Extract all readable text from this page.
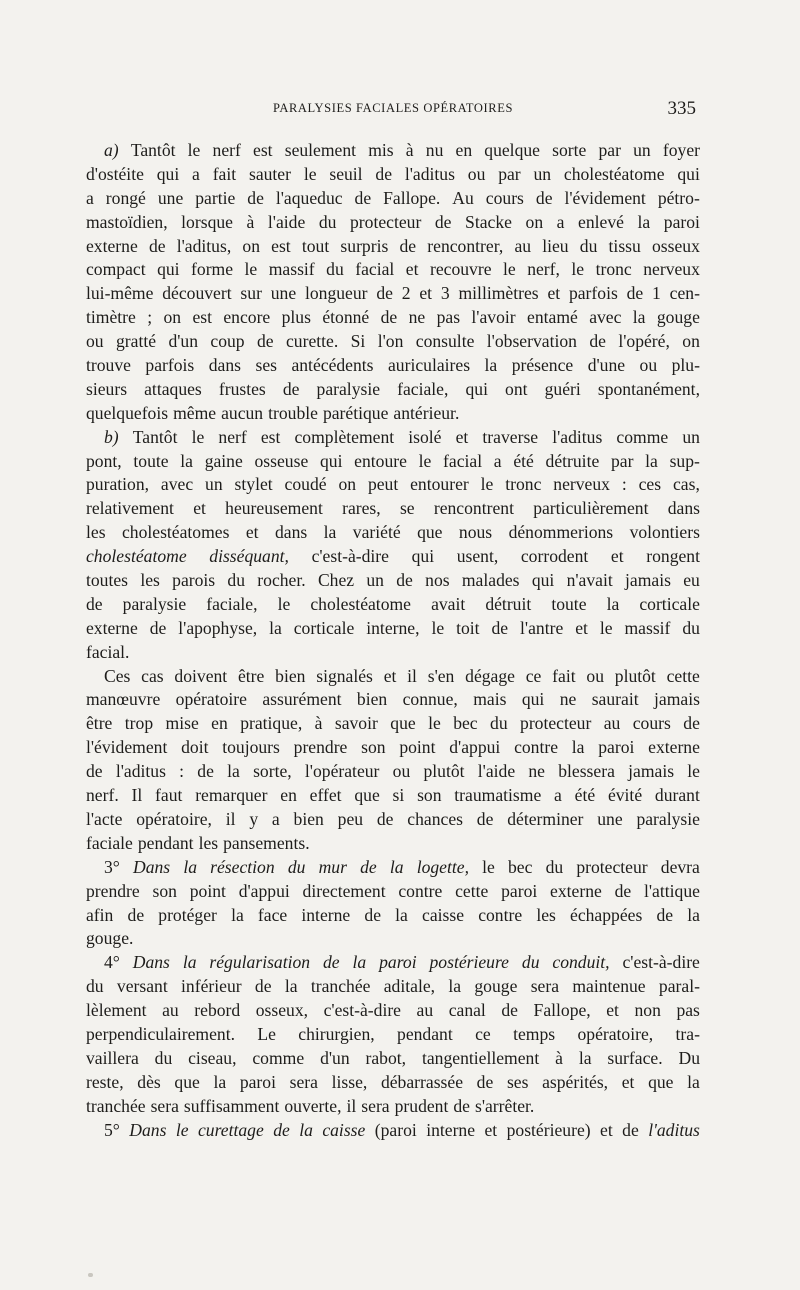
PARALYSIES FACIALES OPÉRATOIRES	335
a) Tantôt le nerf est seulement mis à nu en quelque sorte par un foyer
d'ostéite qui a fait sauter le seuil de l'aditus ou par un cholestéatome qui
a rongé une partie de l'aqueduc de Fallope. Au cours de l'évidement pétro-
mastoïdien, lorsque à l'aide du protecteur de Stacke on a enlevé la paroi
externe de l'aditus, on est tout surpris de rencontrer, au lieu du tissu osseux
compact qui forme le massif du facial et recouvre le nerf, le tronc nerveux
lui-même découvert sur une longueur de 2 et 3 millimètres et parfois de 1 cen-
timètre ; on est encore plus étonné de ne pas l'avoir entamé avec la gouge
ou gratté d'un coup de curette. Si l'on consulte l'observation de l'opéré, on
trouve parfois dans ses antécédents auriculaires la présence d'une ou plu-
sieurs attaques frustes de paralysie faciale, qui ont guéri spontanément,
quelquefois même aucun trouble parétique antérieur.
b) Tantôt le nerf est complètement isolé et traverse l'aditus comme un
pont, toute la gaine osseuse qui entoure le facial a été détruite par la sup-
puration, avec un stylet coudé on peut entourer le tronc nerveux : ces cas,
relativement et heureusement rares, se rencontrent particulièrement dans
les cholestéatomes et dans la variété que nous dénommerions volontiers
cholestéatome disséquant, c'est-à-dire qui usent, corrodent et rongent
toutes les parois du rocher. Chez un de nos malades qui n'avait jamais eu
de paralysie faciale, le cholestéatome avait détruit toute la corticale
externe de l'apophyse, la corticale interne, le toit de l'antre et le massif du
facial.
Ces cas doivent être bien signalés et il s'en dégage ce fait ou plutôt cette
manœuvre opératoire assurément bien connue, mais qui ne saurait jamais
être trop mise en pratique, à savoir que le bec du protecteur au cours de
l'évidement doit toujours prendre son point d'appui contre la paroi externe
de l'aditus : de la sorte, l'opérateur ou plutôt l'aide ne blessera jamais le
nerf. Il faut remarquer en effet que si son traumatisme a été évité durant
l'acte opératoire, il y a bien peu de chances de déterminer une paralysie
faciale pendant les pansements.
3° Dans la résection du mur de la logette, le bec du protecteur devra
prendre son point d'appui directement contre cette paroi externe de l'attique
afin de protéger la face interne de la caisse contre les échappées de la
gouge.
4° Dans la régularisation de la paroi postérieure du conduit, c'est-à-dire
du versant inférieur de la tranchée aditale, la gouge sera maintenue paral-
lèlement au rebord osseux, c'est-à-dire au canal de Fallope, et non pas
perpendiculairement. Le chirurgien, pendant ce temps opératoire, tra-
vaillera du ciseau, comme d'un rabot, tangentiellement à la surface. Du
reste, dès que la paroi sera lisse, débarrassée de ses aspérités, et que la
tranchée sera suffisamment ouverte, il sera prudent de s'arrêter.
5° Dans le curettage de la caisse (paroi interne et postérieure) et de l'aditus
